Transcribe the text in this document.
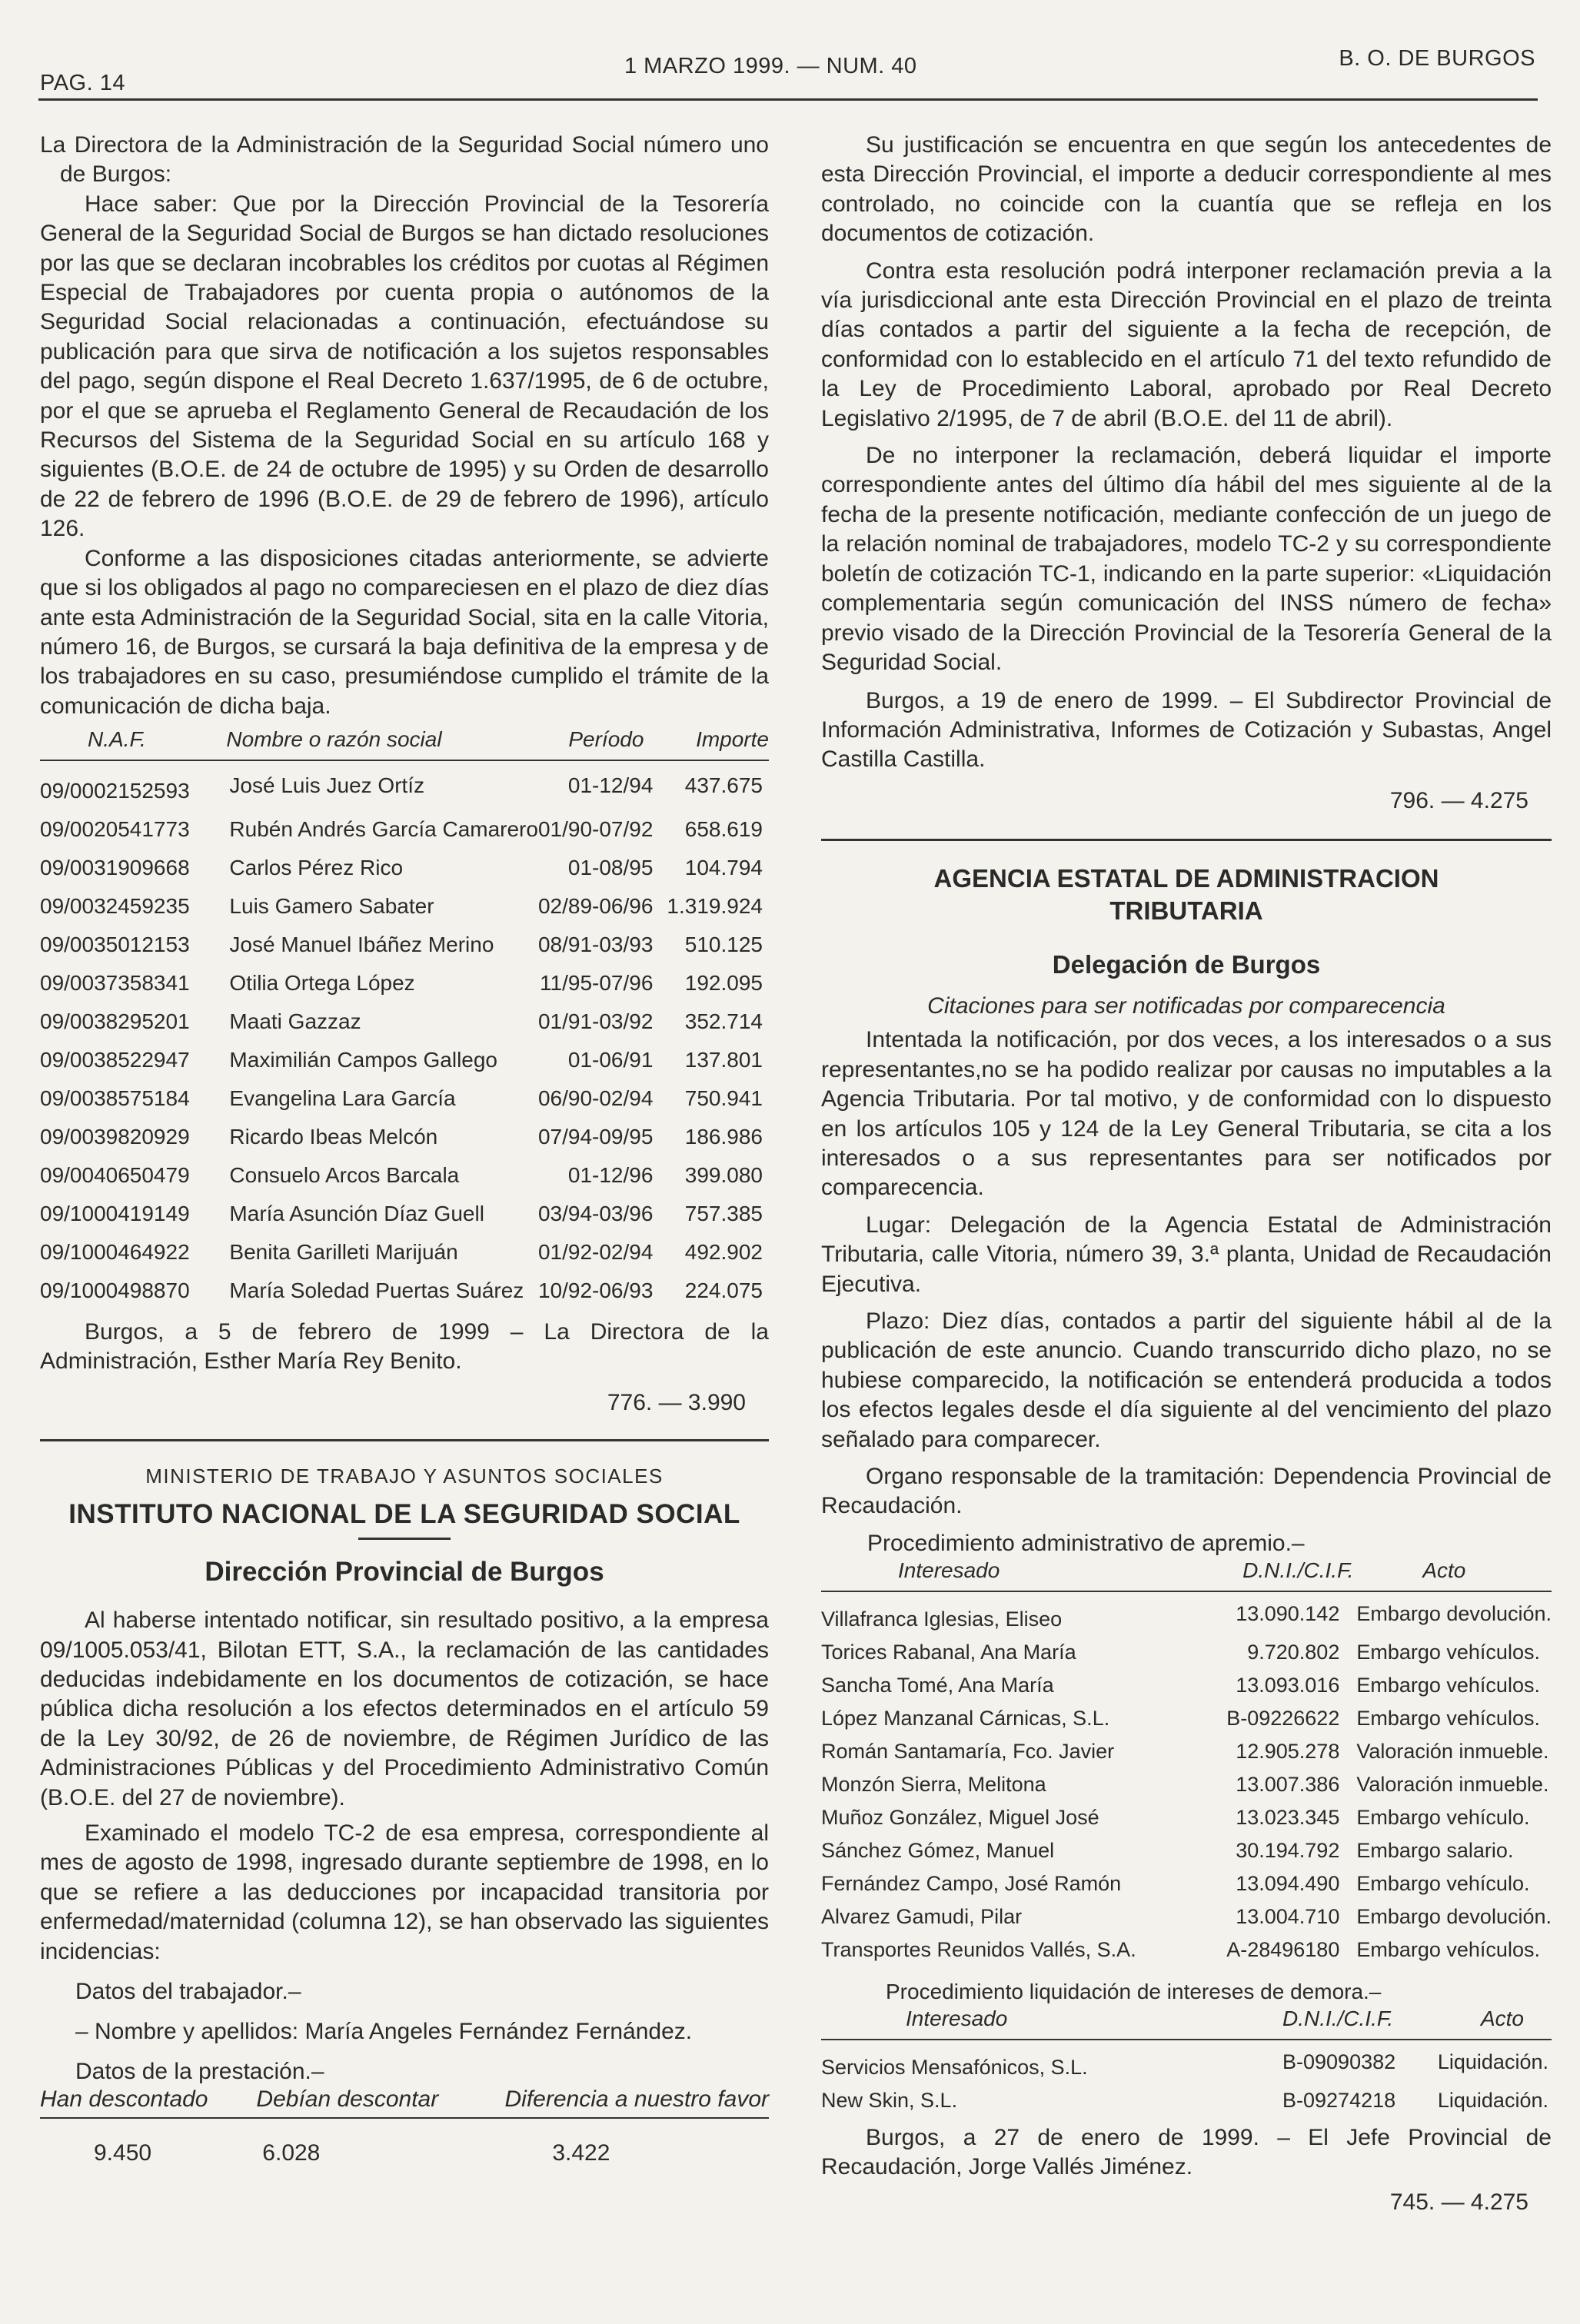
PAG. 14
1 MARZO 1999. — NUM. 40	B. O. DE BURGOS

La Directora de la Administración de la Seguridad Social número uno de Burgos:

Hace saber: Que por la Dirección Provincial de la Tesorería General de la Seguridad Social de Burgos se han dictado resoluciones por las que se declaran incobrables los créditos por cuotas al Régimen Especial de Trabajadores por cuenta propia o autónomos de la Seguridad Social relacionadas a continuación, efectuándose su publicación para que sirva de notificación a los sujetos responsables del pago, según dispone el Real Decreto 1.637/1995, de 6 de octubre, por el que se aprueba el Reglamento General de Recaudación de los Recursos del Sistema de la Seguridad Social en su artículo 168 y siguientes (B.O.E. de 24 de octubre de 1995) y su Orden de desarrollo de 22 de febrero de 1996 (B.O.E. de 29 de febrero de 1996), artículo 126.

Conforme a las disposiciones citadas anteriormente, se advierte que si los obligados al pago no compareciesen en el plazo de diez días ante esta Administración de la Seguridad Social, sita en la calle Vitoria, número 16, de Burgos, se cursará la baja definitiva de la empresa y de los trabajadores en su caso, presumiéndose cumplido el trámite de la comunicación de dicha baja.

N.A.F.	Nombre o razón social	Período	Importe
09/0002152593	José Luis Juez Ortíz	01-12/94	437.675
09/0020541773	Rubén Andrés García Camarero	01/90-07/92	658.619
09/0031909668	Carlos Pérez Rico	01-08/95	104.794
09/0032459235	Luis Gamero Sabater	02/89-06/96	1.319.924
09/0035012153	José Manuel Ibáñez Merino	08/91-03/93	510.125
09/0037358341	Otilia Ortega López	11/95-07/96	192.095
09/0038295201	Maati Gazzaz	01/91-03/92	352.714
09/0038522947	Maximilián Campos Gallego	01-06/91	137.801
09/0038575184	Evangelina Lara García	06/90-02/94	750.941
09/0039820929	Ricardo Ibeas Melcón	07/94-09/95	186.986
09/0040650479	Consuelo Arcos Barcala	01-12/96	399.080
09/1000419149	María Asunción Díaz Guell	03/94-03/96	757.385
09/1000464922	Benita Garilleti Marijuán	01/92-02/94	492.902
09/1000498870	María Soledad Puertas Suárez	10/92-06/93	224.075

Burgos, a 5 de febrero de 1999 – La Directora de la Administración, Esther María Rey Benito.

776. — 3.990

MINISTERIO DE TRABAJO Y ASUNTOS SOCIALES

INSTITUTO NACIONAL DE LA SEGURIDAD SOCIAL

Dirección Provincial de Burgos

Al haberse intentado notificar, sin resultado positivo, a la empresa 09/1005.053/41, Bilotan ETT, S.A., la reclamación de las cantidades deducidas indebidamente en los documentos de cotización, se hace pública dicha resolución a los efectos determinados en el artículo 59 de la Ley 30/92, de 26 de noviembre, de Régimen Jurídico de las Administraciones Públicas y del Procedimiento Administrativo Común (B.O.E. del 27 de noviembre).

Examinado el modelo TC-2 de esa empresa, correspondiente al mes de agosto de 1998, ingresado durante septiembre de 1998, en lo que se refiere a las deducciones por incapacidad transitoria por enfermedad/maternidad (columna 12), se han observado las siguientes incidencias:

Datos del trabajador.–

– Nombre y apellidos: María Angeles Fernández Fernández.

Datos de la prestación.–

Han descontado	Debían descontar	Diferencia a nuestro favor
9.450	6.028	3.422

Su justificación se encuentra en que según los antecedentes de esta Dirección Provincial, el importe a deducir correspondiente al mes controlado, no coincide con la cuantía que se refleja en los documentos de cotización.

Contra esta resolución podrá interponer reclamación previa a la vía jurisdiccional ante esta Dirección Provincial en el plazo de treinta días contados a partir del siguiente a la fecha de recepción, de conformidad con lo establecido en el artículo 71 del texto refundido de la Ley de Procedimiento Laboral, aprobado por Real Decreto Legislativo 2/1995, de 7 de abril (B.O.E. del 11 de abril).

De no interponer la reclamación, deberá liquidar el importe correspondiente antes del último día hábil del mes siguiente al de la fecha de la presente notificación, mediante confección de un juego de la relación nominal de trabajadores, modelo TC-2 y su correspondiente boletín de cotización TC-1, indicando en la parte superior: «Liquidación complementaria según comunicación del INSS número de fecha» previo visado de la Dirección Provincial de la Tesorería General de la Seguridad Social.

Burgos, a 19 de enero de 1999. – El Subdirector Provincial de Información Administrativa, Informes de Cotización y Subastas, Angel Castilla Castilla.

796. — 4.275

AGENCIA ESTATAL DE ADMINISTRACION TRIBUTARIA

Delegación de Burgos

Citaciones para ser notificadas por comparecencia

Intentada la notificación, por dos veces, a los interesados o a sus representantes,no se ha podido realizar por causas no imputables a la Agencia Tributaria. Por tal motivo, y de conformidad con lo dispuesto en los artículos 105 y 124 de la Ley General Tributaria, se cita a los interesados o a sus representantes para ser notificados por comparecencia.

Lugar: Delegación de la Agencia Estatal de Administración Tributaria, calle Vitoria, número 39, 3.ª planta, Unidad de Recaudación Ejecutiva.

Plazo: Diez días, contados a partir del siguiente hábil al de la publicación de este anuncio. Cuando transcurrido dicho plazo, no se hubiese comparecido, la notificación se entenderá producida a todos los efectos legales desde el día siguiente al del vencimiento del plazo señalado para comparecer.

Organo responsable de la tramitación: Dependencia Provincial de Recaudación.

Procedimiento administrativo de apremio.–

Interesado	D.N.I./C.I.F.	Acto
Villafranca Iglesias, Eliseo	13.090.142	Embargo devolución.
Torices Rabanal, Ana María	9.720.802	Embargo vehículos.
Sancha Tomé, Ana María	13.093.016	Embargo vehículos.
López Manzanal Cárnicas, S.L.	B-09226622	Embargo vehículos.
Román Santamaría, Fco. Javier	12.905.278	Valoración inmueble.
Monzón Sierra, Melitona	13.007.386	Valoración inmueble.
Muñoz González, Miguel José	13.023.345	Embargo vehículo.
Sánchez Gómez, Manuel	30.194.792	Embargo salario.
Fernández Campo, José Ramón	13.094.490	Embargo vehículo.
Alvarez Gamudi, Pilar	13.004.710	Embargo devolución.
Transportes Reunidos Vallés, S.A.	A-28496180	Embargo vehículos.

Procedimiento liquidación de intereses de demora.–

Interesado	D.N.I./C.I.F.	Acto
Servicios Mensafónicos, S.L.	B-09090382	Liquidación.
New Skin, S.L.	B-09274218	Liquidación.

Burgos, a 27 de enero de 1999. – El Jefe Provincial de Recaudación, Jorge Vallés Jiménez.

745. — 4.275
